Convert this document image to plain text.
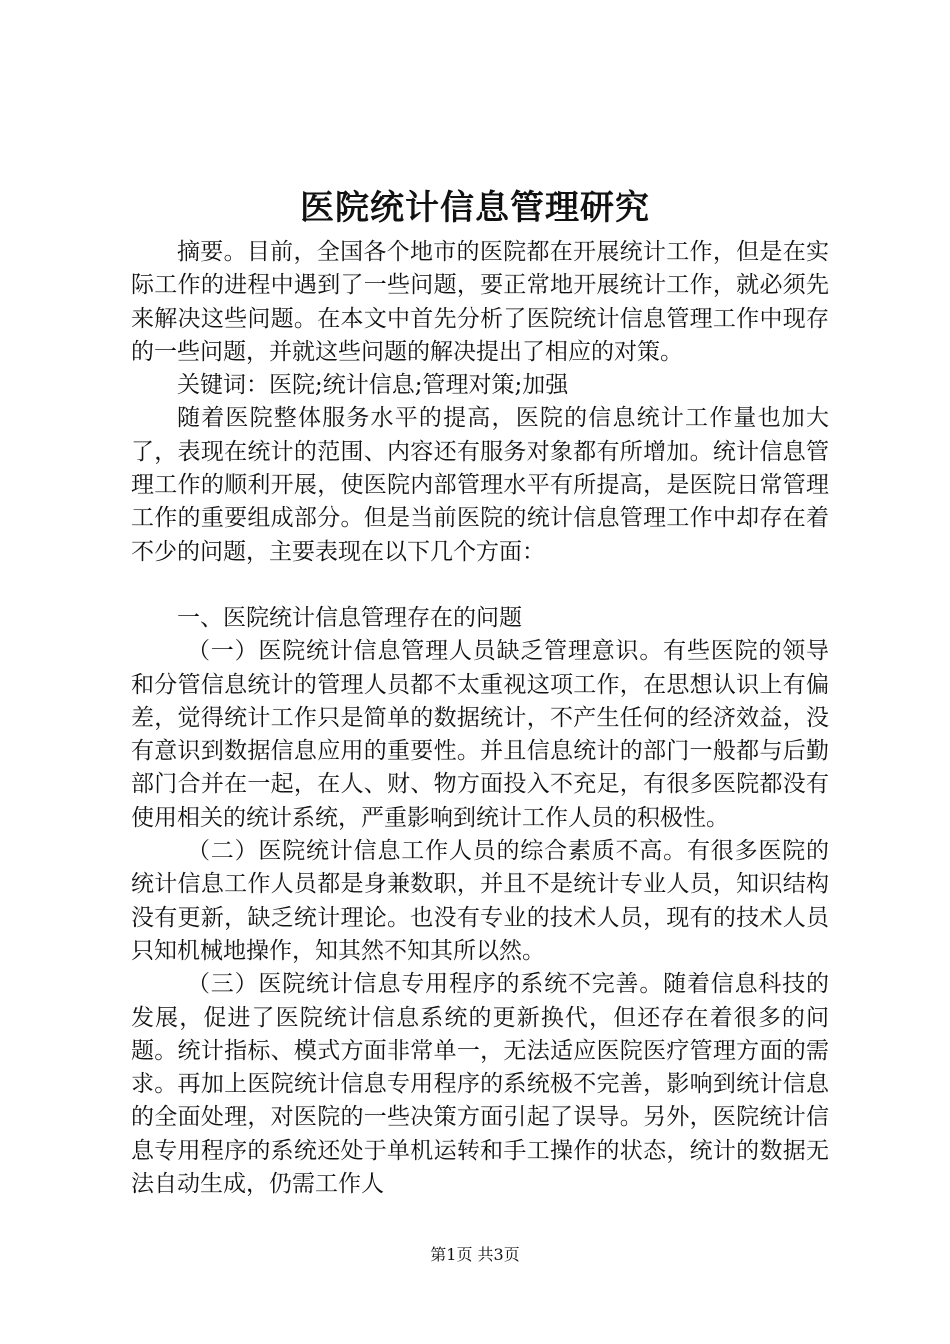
医院统计信息管理研究

摘要。目前，全国各个地市的医院都在开展统计工作，但是在实际工作的进程中遇到了一些问题，要正常地开展统计工作，就必须先来解决这些问题。在本文中首先分析了医院统计信息管理工作中现存的一些问题，并就这些问题的解决提出了相应的对策。

关键词：医院;统计信息;管理对策;加强

随着医院整体服务水平的提高，医院的信息统计工作量也加大了，表现在统计的范围、内容还有服务对象都有所增加。统计信息管理工作的顺利开展，使医院内部管理水平有所提高，是医院日常管理工作的重要组成部分。但是当前医院的统计信息管理工作中却存在着不少的问题，主要表现在以下几个方面：

一、医院统计信息管理存在的问题

（一）医院统计信息管理人员缺乏管理意识。有些医院的领导和分管信息统计的管理人员都不太重视这项工作，在思想认识上有偏差，觉得统计工作只是简单的数据统计，不产生任何的经济效益，没有意识到数据信息应用的重要性。并且信息统计的部门一般都与后勤部门合并在一起，在人、财、物方面投入不充足，有很多医院都没有使用相关的统计系统，严重影响到统计工作人员的积极性。

（二）医院统计信息工作人员的综合素质不高。有很多医院的统计信息工作人员都是身兼数职，并且不是统计专业人员，知识结构没有更新，缺乏统计理论。也没有专业的技术人员，现有的技术人员只知机械地操作，知其然不知其所以然。

（三）医院统计信息专用程序的系统不完善。随着信息科技的发展，促进了医院统计信息系统的更新换代，但还存在着很多的问题。统计指标、模式方面非常单一，无法适应医院医疗管理方面的需求。再加上医院统计信息专用程序的系统极不完善，影响到统计信息的全面处理，对医院的一些决策方面引起了误导。另外，医院统计信息专用程序的系统还处于单机运转和手工操作的状态，统计的数据无法自动生成，仍需工作人

第1页 共3页
